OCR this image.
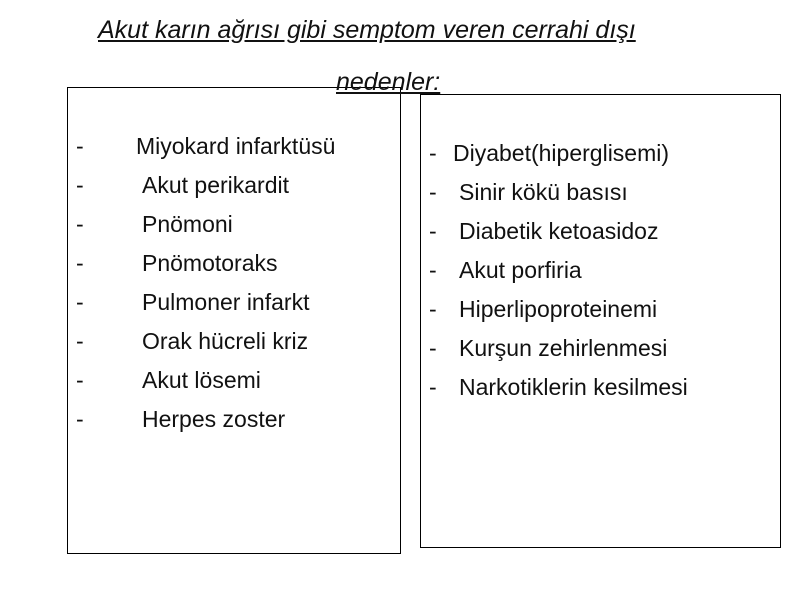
Akut karın ağrısı gibi semptom veren cerrahi dışı
nedenler:
- Miyokard infarktüsü
-	Akut perikardit
-	Pnömoni
-	Pnömotoraks
-	Pulmoner infarkt
-	Orak hücreli kriz
-	Akut lösemi
-	Herpes zoster
- Diyabet(hiperglisemi)
- Sinir kökü basısı
- Diabetik ketoasidoz
- Akut porfiria
- Hiperlipoproteinemi
- Kurşun zehirlenmesi
- Narkotiklerin kesilmesi
